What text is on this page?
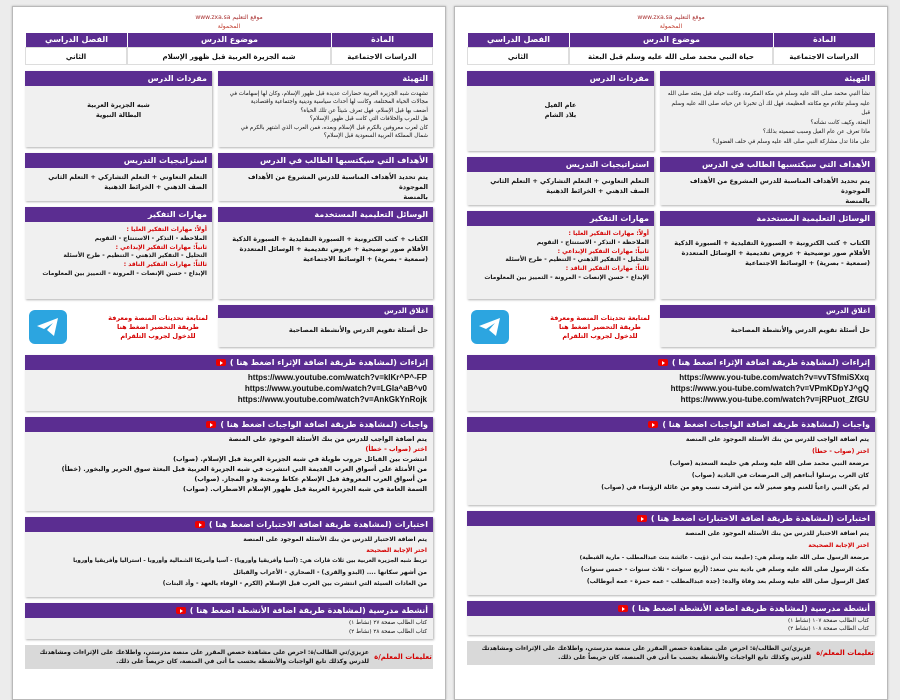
موقع التعليم www.zxa.sa
المحمولة
المادة
موضوع الدرس
الفصل الدراسي
الدراسات الاجتماعية
شبه الجزيرة العربية قبل ظهور الإسلام
الثاني
التهيئة
تشهدت شبه الجزيرة العربية حضارات عديدة قبل ظهور الإسلام، وكان لها إسهامات في
مجالات الحياة المختلفة، وكانت لها أحداث سياسية ودينية واجتماعية واقتصادية
أضعف بها قبل الإسلام، فهل تعرف شيئاً عن تلك الحياة؟
هل للعرب والخلافات التي كانت قبل ظهور الإسلام؟
كان لعرب معروفين بالكرم قبل الإسلام وبعده، فمن العرب الذي اشتهر بالكرم في
شمال المملكة العربية السعودية قبل الإسلام؟
الأهداف التي سيكتسبها الطالب في الدرس
يتم تحديد الأهداف المناسبة للدرس المشروع من الأهداف الموجودة
بالمنصة
الوسائل التعليمية المستخدمة
الكتاب + كتب الكترونية + السبورة التقليدية + السبورة الذكية
الأقلام صور توضيحية + عروض تقديمية + الوسائل المتعددة
(سمعية - بصرية) + الوسائط الاجتماعية
اغلاق الدرس
حل أسئلة تقويم الدرس والأنشطة المصاحبة
مفردات الدرس
شبه الجزيرة العربية
البطالة النبوية
استراتيجيات التدريس
التعلم التعاوني + التعلم التشاركي + التعلم الثاني
الصف الذهني + الخرائط الذهنية
مهارات التفكير
أولاً: مهارات التفكير العليا :
الملاحظة - التذكر - الاستنتاج - التقويم
ثانياً: مهارات التفكير الإبداعي :
التحليل - التفكير الذهني - التنظيم - طرح الأسئلة
ثالثاً: مهارات التفكير الناقد :
الإبداع - حسن الإنصات - المرونة - التمييز بين المعلومات
لمتابعة تحديثات المنصة ومعرفة طريقة التحضير اضغط هنا للدخول لجروب التلقرام
إثراءات (لمشاهدة طريقة اضافة الإثراء اضغط هنا )
https://www.youtube.com/watch?v=klKr^P^-FP
https://www.youtube.com/watch?v=LGla^aB^v0
https://www.youtube.com/watch?v=AnkGkYnRojk
واجبات (لمشاهدة طريقة اضافة الواجبات اضغط هنا )
يتم اضافة الواجب للدرس من بنك الأسئلة الموجود على المنصة
اختر (صواب - خطأ)
انتشرت بين القبائل حروب طويلة في شبه الجزيرة العربية قبل الإسلام. (صواب)
من الأمثلة على أسواق العرب القديمة التي انتشرت في شبه الجزيرة العربية قبل البعثة سوق الحرير والبخور. (خطأ)
من أسواق العرب المعروفة قبل الإسلام عكاظ ومجنة وذو المجاز. (صواب)
السمة العامة في شبه الجزيرة العربية قبل ظهور الإسلام الاضطراب. (صواب)
اختبارات (لمشاهدة طريقة اضافة الاختبارات اضغط هنا )
يتم اضافة الاختبار للدرس من بنك الأسئلة الموجود على المنصة
اختر الإجابة الصحيحة
تربط شبه الجزيرة العربية بين ثلاث قارات هي: (آسيا وأفريقيا وأوروبا) - آسيا وأمريكا الشمالية وأوروبا - استراليا وأفريقيا وأوروبا
من أشهر سكانها .... (البدو والقرى) - الصحاري - الأعراب والقبائل
من العادات السيئة التي انتشرت بين العرب قبل الإسلام (الكرم - الوفاء بالعهد - وأد البنات)
أنشطة مدرسية (لمشاهدة طريقة اضافة الأنشطة اضغط هنا )
كتاب الطالب صفحة ٢٧ (نشاط ١)
كتاب الطالب صفحة ٢٨ (نشاط ٢)
تعليمات المعلم/ة
عزيزي/تي الطالب/ة: احرص على مشاهدة حصص المقرر على منصة مدرستي، واطلاعك على الإثراءات ومشاهدتك للدرس وكذلك تابع الواجبات والأنشطة بحسب ما أتى في المنصة، كان حريصاً على ذلك.
موقع التعليم www.zxa.sa
المحمولة
المادة
موضوع الدرس
الفصل الدراسي
الدراسات الاجتماعية
حياة النبي محمد صلى الله عليه وسلم قبل البعثة
الثاني
التهيئة
نشأ النبي محمد صلى الله عليه وسلم في مكة المكرمة، وكانت حياته قبل بعثته صلى الله
عليه وسلم تتلاءم مع مكانته العظيمة، فهل لك أن تخبرنا عن حياته صلى الله عليه وسلم قبل
البعثة، وكيف كانت نشأته؟
ماذا تعرف عن عام الفيل وسبب تسميته بذلك؟
على ماذا تدل مشاركة النبي صلى الله عليه وسلم في حلف الفضول؟
الأهداف التي سيكتسبها الطالب في الدرس
يتم تحديد الأهداف المناسبة للدرس المشروع من الأهداف الموجودة
بالمنصة
الوسائل التعليمية المستخدمة
الكتاب + كتب الكترونية + السبورة التقليدية + السبورة الذكية
الأقلام صور توضيحية + عروض تقديمية + الوسائل المتعددة
(سمعية - بصرية) + الوسائط الاجتماعية
اغلاق الدرس
حل أسئلة تقويم الدرس والأنشطة المصاحبة
مفردات الدرس
عام الفيل
بلاد الشام
استراتيجيات التدريس
التعلم التعاوني + التعلم التشاركي + التعلم الثاني
الصف الذهني + الخرائط الذهنية
مهارات التفكير
أولاً: مهارات التفكير العليا :
الملاحظة - التذكر - الاستنتاج - التقويم
ثانياً: مهارات التفكير الإبداعي :
التحليل - التفكير الذهني - التنظيم - طرح الأسئلة
ثالثاً: مهارات التفكير الناقد :
الإبداع - حسن الإنصات - المرونة - التمييز بين المعلومات
لمتابعة تحديثات المنصة ومعرفة طريقة التحضير اضغط هنا للدخول لجروب التلقرام
إثراءات (لمشاهدة طريقة اضافة الإثراء اضغط هنا )
https://www.you-tube.com/watch?v=vvTSfmiSXxq
https://www.you-tube.com/watch?v=VPmKDpYJ^gQ
https://www.you-tube.com/watch?v=jRPuot_ZfGU
واجبات (لمشاهدة طريقة اضافة الواجبات اضغط هنا )
يتم اضافة الواجب للدرس من بنك الأسئلة الموجود على المنصة
اختر (صواب - خطأ)
مرضعة النبي محمد صلى الله عليه وسلم هي حليمة السعدية (صواب)
كان العرب يرسلوا أبناءهم إلى المرضعات في البادية (صواب)
لم يكن النبي راعياً للغنم وهو صغير لأنه من أشرف نسب وهو من عائلة الرؤساء في (صواب)
اختبارات (لمشاهدة طريقة اضافة الاختبارات اضغط هنا )
يتم اضافة الاختبار للدرس من بنك الأسئلة الموجود على المنصة
اختر الإجابة الصحيحة
مرضعة الرسول صلى الله عليه وسلم هي: (حليمة بنت أبي ذؤيب - عائشة بنت عبدالمطلب - مارية القبطية)
مكث الرسول صلى الله عليه وسلم في بادية بني سعد: (أربع سنوات - ثلاث سنوات - خمس سنوات)
كفل الرسول صلى الله عليه وسلم بعد وفاة والده: (جده عبدالمطلب - عمه حمزة - عمه أبوطالب)
أنشطة مدرسية (لمشاهدة طريقة اضافة الأنشطة اضغط هنا )
كتاب الطالب صفحة ١٠٧ (نشاط ١)
كتاب الطالب صفحة ١٠٨ (نشاط ٢)
تعليمات المعلم/ة
عزيزي/تي الطالب/ة: احرص على مشاهدة حصص المقرر على منصة مدرستي، واطلاعك على الإثراءات ومشاهدتك للدرس وكذلك تابع الواجبات والأنشطة بحسب ما أتى في المنصة، كان حريصاً على ذلك.
